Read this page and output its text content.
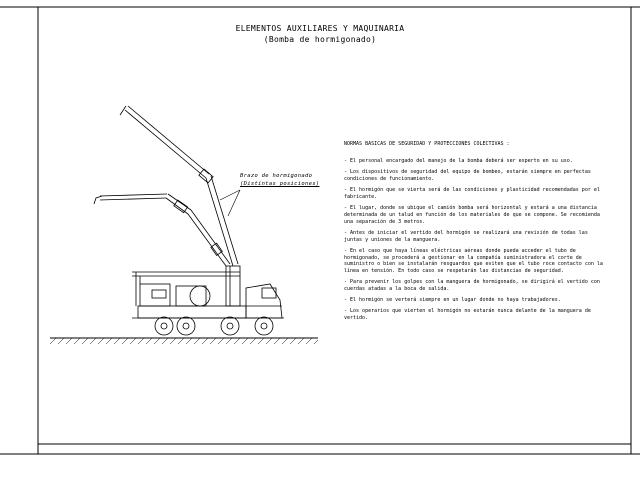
ELEMENTOS AUXILIARES Y MAQUINARIA
(Bomba de hormigonado)
Brazo de hormigonado
(Distintas posiciones)
NORMAS BASICAS DE SEGURIDAD Y PROTECCIONES COLECTIVAS :
- El personal encargado del manejo de la bomba deberá ser experto en su uso.
- Los dispositivos de seguridad del equipo de bombeo, estarán siempre en perfectas condiciones de funcionamiento.
- El hormigón que se vierta será de las condiciones y plasticidad recomendadas por el fabricante.
- El lugar, donde se ubique el camión bomba será horizontal y estará a una distancia determinada de un talud en función de los materiales de que se compone. Se recomienda una separación de 3 metros.
- Antes de iniciar el vertido del hormigón se realizará una revisión de todas las juntas y uniones de la manguera.
- En el caso que haya líneas eléctricas aéreas donde pueda acceder el tubo de hormigonado, se procederá a gestionar en la compañía suministradora el corte de suministro o bien se instalarán resguardos que eviten que el tubo roce contacto con la línea en tensión. En todo caso se respetarán las distancias de seguridad.
- Para prevenir los golpes con la manguera de hormigonado, se dirigirá el vertido con cuerdas atadas a la boca de salida.
- El hormigón se verterá siempre en un lugar donde no haya trabajadores.
- Los operarios que vierten el hormigón no estarán nunca delante de la manguera de vertido.
